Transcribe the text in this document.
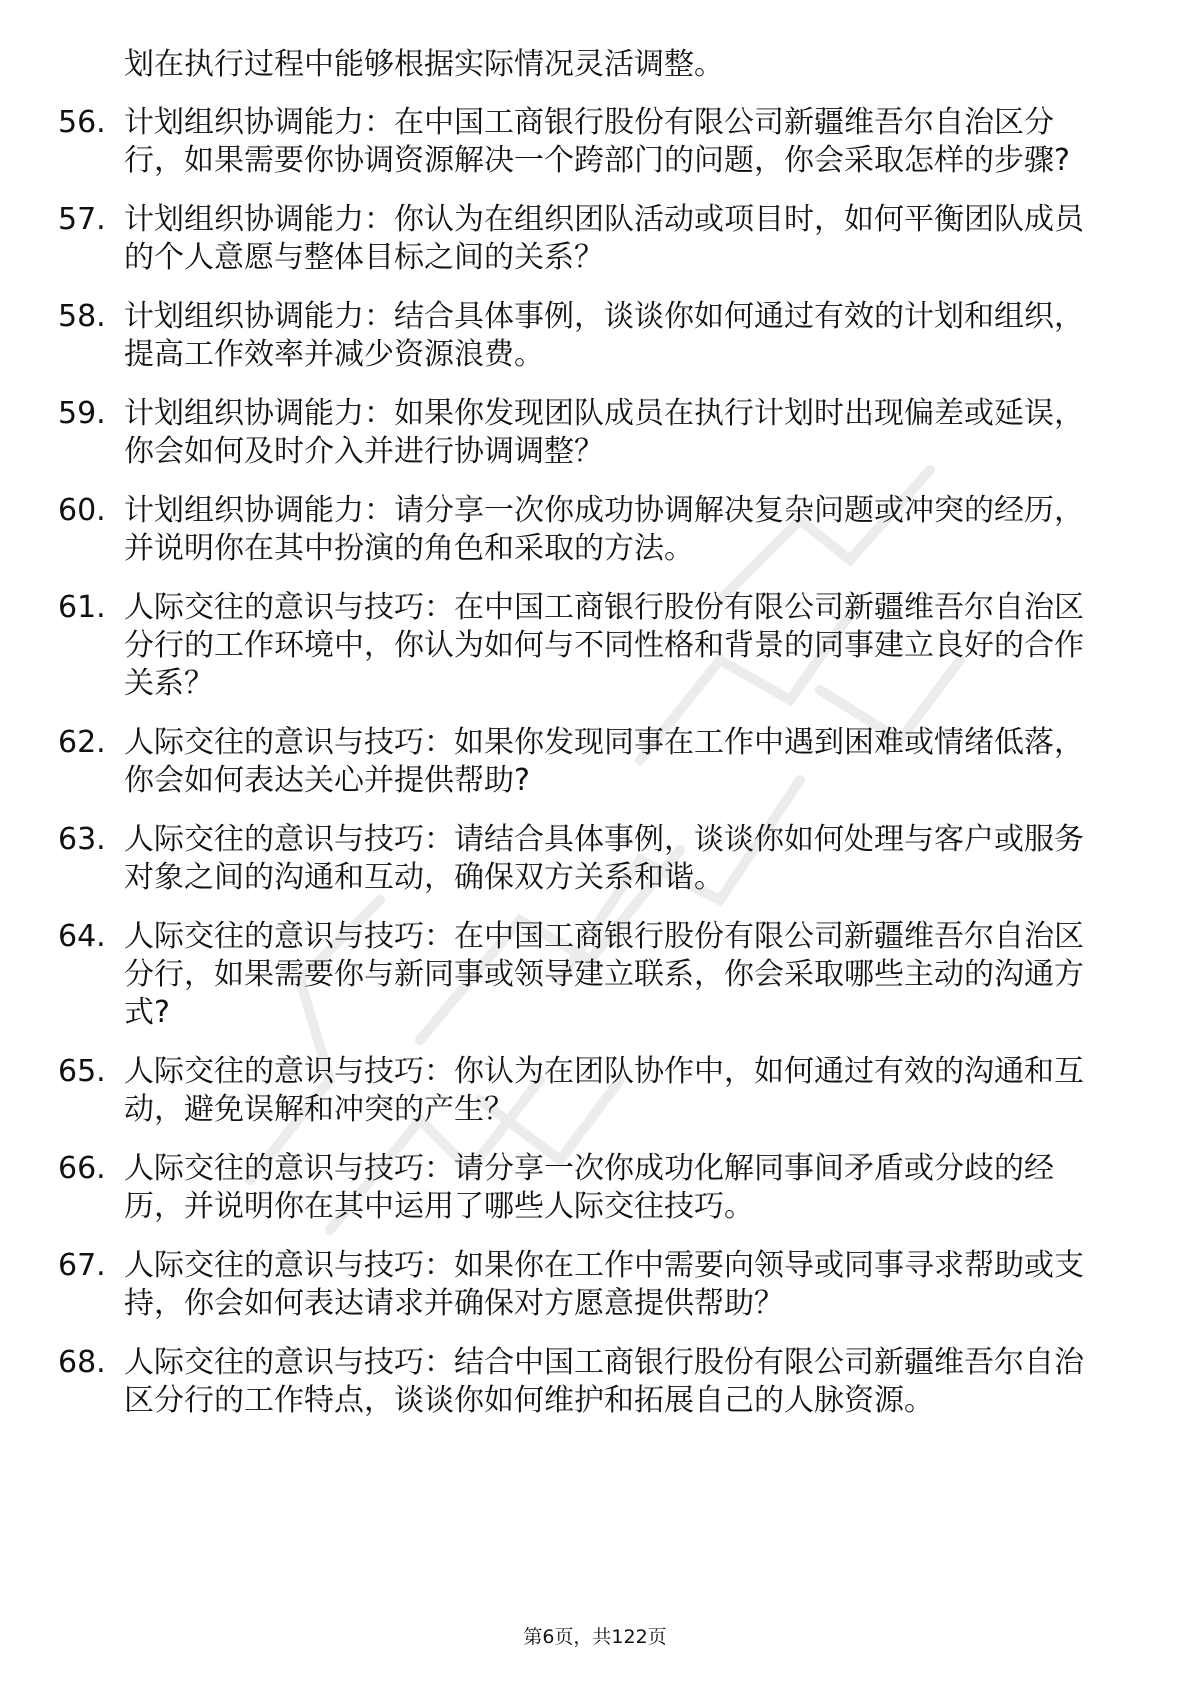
划在执行过程中能够根据实际情况灵活调整。
56. 计划组织协调能力：在中国工商银行股份有限公司新疆维吾尔自治区分行，如果需要你协调资源解决一个跨部门的问题，你会采取怎样的步骤?
57. 计划组织协调能力：你认为在组织团队活动或项目时，如何平衡团队成员的个人意愿与整体目标之间的关系？
58. 计划组织协调能力：结合具体事例，谈谈你如何通过有效的计划和组织，提高工作效率并减少资源浪费。
59. 计划组织协调能力：如果你发现团队成员在执行计划时出现偏差或延误，你会如何及时介入并进行协调调整？
60. 计划组织协调能力：请分享一次你成功协调解决复杂问题或冲突的经历，并说明你在其中扮演的角色和采取的方法。
61. 人际交往的意识与技巧：在中国工商银行股份有限公司新疆维吾尔自治区分行的工作环境中，你认为如何与不同性格和背景的同事建立良好的合作关系？
62. 人际交往的意识与技巧：如果你发现同事在工作中遇到困难或情绪低落，你会如何表达关心并提供帮助?
63. 人际交往的意识与技巧：请结合具体事例，谈谈你如何处理与客户或服务对象之间的沟通和互动，确保双方关系和谐。
64. 人际交往的意识与技巧：在中国工商银行股份有限公司新疆维吾尔自治区分行，如果需要你与新同事或领导建立联系，你会采取哪些主动的沟通方式?
65. 人际交往的意识与技巧：你认为在团队协作中，如何通过有效的沟通和互动，避免误解和冲突的产生？
66. 人际交往的意识与技巧：请分享一次你成功化解同事间矛盾或分歧的经历，并说明你在其中运用了哪些人际交往技巧。
67. 人际交往的意识与技巧：如果你在工作中需要向领导或同事寻求帮助或支持，你会如何表达请求并确保对方愿意提供帮助？
68. 人际交往的意识与技巧：结合中国工商银行股份有限公司新疆维吾尔自治区分行的工作特点，谈谈你如何维护和拓展自己的人脉资源。
第6页，共122页
